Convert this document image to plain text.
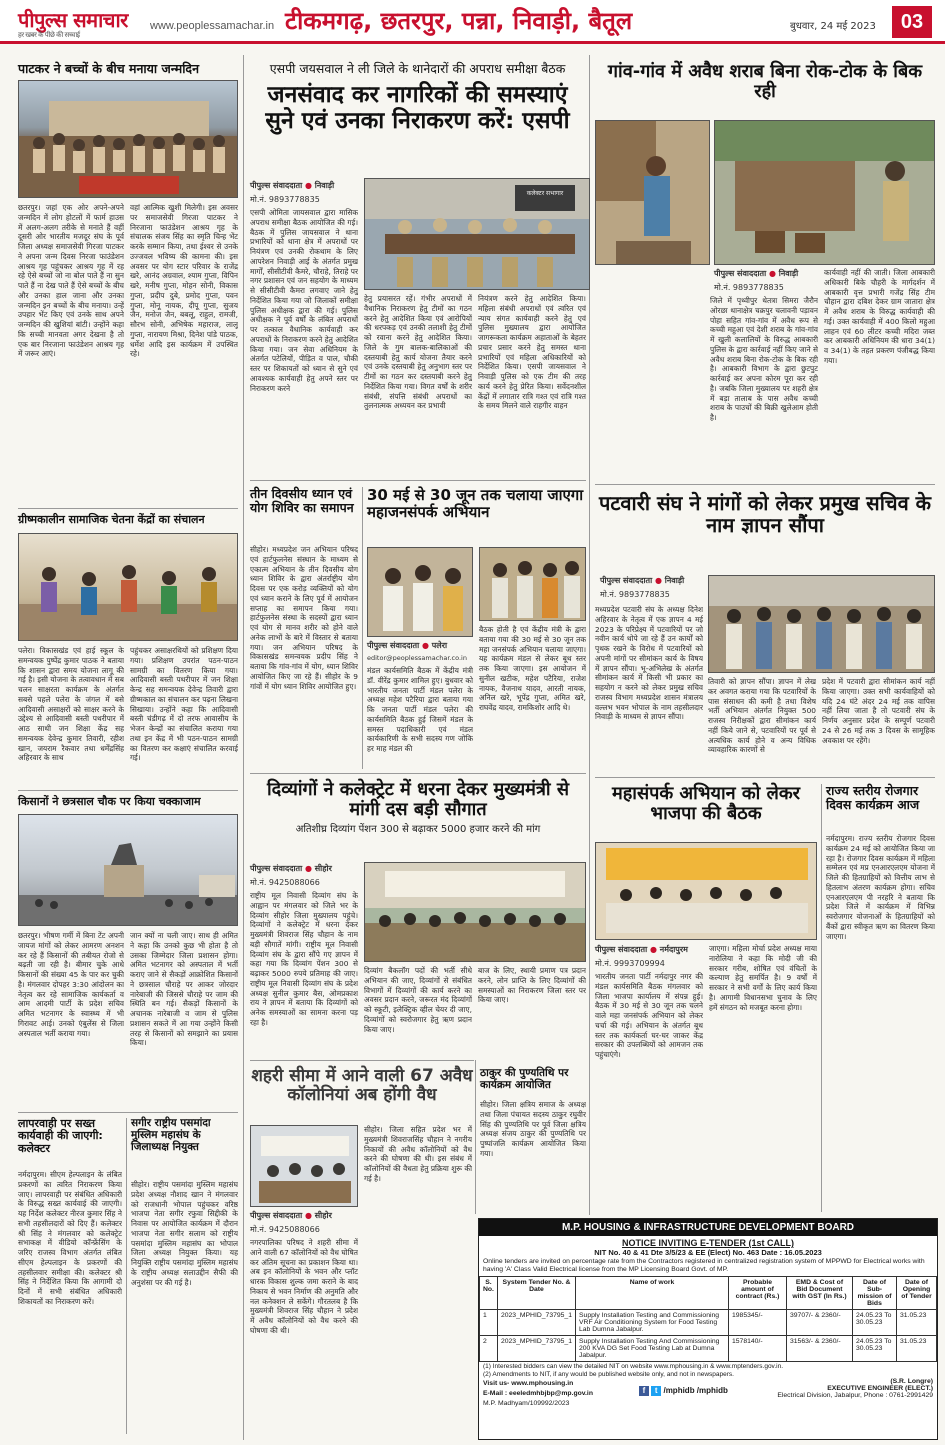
पीपुल्स समाचार
हर खबर के पीछे की सच्चाई
www.peoplessamachar.in टीकमगढ़, छतरपुर, पन्ना, निवाड़ी, बैतूल	बुधवार, 24 मई 2023	03
पाटकर ने बच्चों के बीच मनाया जन्मदिन
छतरपुर। जहां एक ओर अपने-अपने जन्मदिन में लोग होटलों में फार्म हाउस में अलग-अलग तरीके से मनाते हैं वहीं दूसरी ओर भारतीय मजदूर संघ के पूर्व जिला अध्यक्ष समाजसेवी गिरजा पाटकर ने अपना जन्म दिवस निरजा फाउंडेशन आश्रय गृह पहुंचकर आश्रय गृह में रह रहे ऐसे बच्चों जो ना बोल पाते हैं ना सुन पाते हैं ना देख पाते हैं ऐसे बच्चों के बीच और उनका हाल जाना और उनका जन्मदिन इन बच्चों के बीच मनाया। उन्हें उपहार भेंट किए एवं उनके साथ अपने जन्मदिन की खुशियां बांटी। उन्होंने कहा कि सच्ची मानवता अगर देखना है तो एक बार निरजाना फाउंडेशन आश्रय गृह में जरूर आएं।
वहां आत्मिक खुशी मिलेगी। इस अवसर पर समाजसेवी गिरजा पाटकर ने निरजाना फाउंडेशन आश्रय गृह के संचालक संजय सिंह का स्मृति चिन्ह भेंट करके सम्मान किया, तथा ईश्वर से उनके उज्जवल भविष्य की कामना की। इस अवसर पर योग स्टार परिवार के राजेंद्र खरे, आनंद अग्रवाल, श्याम गुप्ता, विपिन खरे, मनीष गुप्ता, मोहन सोनी, विकास गुप्ता, प्रदीप दुबे, प्रमोद गुप्ता, पवन गुप्ता, मोनू नायक, दीपू गुप्ता, सुजय जैन, मनोज जैन, बबलू, राहुल, रामजी, सौरभ सोनी, अभिषेक महाराज, लालू गुप्ता, नारायण मिश्रा, दिनेश पांडे पाठक, धर्मेश आदि इस कार्यक्रम में उपस्थित रहे।
ग्रीष्मकालीन सामाजिक चेतना केंद्रों का संचालन
पलेरा। विकासखंड एवं हाई स्कूल के समन्वयक पुष्पेंद्र कुमार पाठक ने बताया कि शासन द्वारा समय योजना लागू की गई है। इसी योजना के तत्वावधान में सब चलन साक्षरता कार्यक्रम के अंतर्गत सबसे पहले पलेरा के जंगल में बसे आदिवासी असाक्षरों को साक्षर करने के उद्देश्य से आदिवासी बस्ती पथरीपार में आठ साथी जन शिक्षा केंद्र सह समन्वयक देवेन्द्र कुमार तिवारी, रहीश खान, जयराम रैकवार तथा धर्मेंद्रसिंह अहिरवार के साथ
पहुंचकर असाक्षरथियों को प्रशिक्षण दिया गया। प्रशिक्षण उपरांत पठन-पाठन सामग्री का वितरण किया गया। आदिवासी बस्ती पथरीपार में जन शिक्षा केन्द्र सह समन्वयक देवेन्द्र तिवारी द्वारा ग्रीष्मकाल का संचालन कर पढ़ना लिखना सिखाया। उन्होंने कहा कि आदिवासी बस्ती चंडीगढ़ में दो तरफ आवासीय के भेजन केन्द्रों का संचालित कराया गया तथा इन केंद्र में भी पठन-पाठन सामग्री का वितरण कर कक्षाएं संचालित करवाई गई।
किसानों ने छत्रसाल चौक पर किया चक्काजाम
छतरपुर। भीषण गर्मी में बिना टेंट अपनी जायज मांगों को लेकर आमरण अनशन कर रहे हैं किसानों की तबीयत रोजो से बढ़ती जा रही है। बीमार चुके आधे किसानों की संख्या 45 के पार कर चुकी है। मंगलवार दोपहर 3:30 आंदोलन का नेतृत्व कर रहे सामाजिक कार्यकर्ता व आम आदमी पार्टी के प्रदेश सचिव अमित भटनागर के स्वास्थ्य में भी गिरावट आई। उनको एंबुलेंस से जिला अस्पताल भर्ती कराया गया।
जान क्यों ना चली जाए। साथ ही अमित ने कहा कि उनको कुछ भी होता है तो उसका जिम्मेदार जिला प्रशासन होगा। अमित भटनागर को अस्पताल में भर्ती कराए जाने से सैकड़ों आक्रोशित किसानों ने छत्रसाल चौराहे पर आकर जोरदार नारेबाजी की जिससे चौराहे पर जाम की स्थिति बन गई। सैकड़ों किसानों के अचानक नारेबाजी व जाम से पुलिस प्रशासन सकते में आ गया उन्होंने किसी तरह से किसानों को समझाने का प्रयास किया।
लापरवाही पर सख्त कार्यवाही की जाएगी: कलेक्टर
नर्मदापुरम। सीएम हेल्पलाइन के लंबित प्रकरणों का त्वरित निराकरण किया जाए। लापरवाही पर संबंधित अधिकारी के विरुद्ध सख्त कार्यवाई की जाएगी। यह निर्देश कलेक्टर नीरज कुमार सिंह ने सभी तहसीलदारों को दिए हैं। कलेक्टर श्री सिंह ने मंगलवार को कलेक्ट्रेट सभाकक्ष में वीडियो कॉन्फ्रेंसिंग के जरिए राजस्व विभाग अंतर्गत लंबित सीएम हेल्पलाइन के प्रकरणों की तहसीलवार समीक्षा की। कलेक्टर श्री सिंह ने निर्देशित किया कि आगामी दो दिनों में सभी संबंधित अधिकारी शिकायतों का निराकरण करें।
सगीर राष्ट्रीय पसमांदा मुस्लिम महासंघ के जिलाध्यक्ष नियुक्त
सीहोर। राष्ट्रीय पसमांदा मुस्लिम महासंघ प्रदेश अध्यक्ष नौशाद खान ने मंगलवार को राजधानी भोपाल पहुंचकर वरिष्ठ भाजपा नेता सगीर रफुवा सिद्दीकी के निवास पर आयोजित कार्यक्रम में दौरान भाजपा नेता सगीर सलाम को राष्ट्रीय पसमांदा मुस्लिम महासंघ का भोपाल जिला अध्यक्ष नियुक्त किया। यह नियुक्ति राष्ट्रीय पसमांदा मुस्लिम महासंघ के राष्ट्रीय अध्यक्ष सलाउद्दीन सैफी की अनुशंसा पर की गई है।
एसपी जयसवाल ने ली जिले के थानेदारों की अपराध समीक्षा बैठक
जनसंवाद कर नागरिकों की समस्याएं सुने एवं उनका निराकरण करें: एसपी
पीपुल्स संवाददाता ● निवाड़ी
मो.नं. 9893778835
एसपी ओमिता जायसवाल द्वारा मासिक अपराध समीक्षा बैठक आयोजित की गई। बैठक में पुलिस जायसवाल ने थाना प्रभारियों को थाना क्षेत्र में अपराधों पर नियंत्रण एवं उनकी रोकथाम के लिए आपरेशन निवाड़ी आई के अंतर्गत प्रमुख मार्गों, सीसीटीवी कैमरे, चौराहे, तिराहे पर नगर प्रशासन एवं जन सहयोग के माध्यम से सीसीटीवी कैमरा लगवाए जाने हेतु निर्देशित किया गया जो जिलाकों समीक्षा पुलिस अधीक्षक द्वारा की गई। पुलिस अधीक्षक ने पूर्व वर्षों के लंबित अपराधों पर तत्काल वैधानिक कार्यवाही कर अपराधों के निराकरण करने हेतु आदेशित किया गया। जन सेवा अधिनियम के अंतर्गत पटेलियों, पीड़ित व पाल, चौकी स्तर पर शिकायतों को ध्यान से सुने एवं आवश्यक कार्यवाही हेतु अपने स्तर पर निराकरण करने
कलेक्टर सभागार
हेतु प्रयासरत रहें। गंभीर अपराधों में वैधानिक निराकरण हेतु टीमों का गठन करने हेतु आदेशित किया एवं आरोपियों की धरपकड़ एवं उनकी तलाशी हेतु टीमों को रवाना करने हेतु आदेशित किया। जिले के गुम बालक-बालिकाओं की दस्तयाबी हेतु कार्य योजना तैयार करने एवं उनके दस्तयाबी हेतु अनुभाग स्तर पर टीमों का गठन कर दस्तयाबी करने हेतु निर्देशित किया गया। विगत वर्षों के शरीर संबंधी, संपत्ति संबंधी अपराधों का तुलनात्मक अध्ययन कर प्रभावी
नियंत्रण करने हेतु आदेशित किया। महिला संबंधी अपराधों एवं त्वरित एवं न्याय संगत कार्यवाही करने हेतु एवं पुलिस मुख्यालय द्वारा आयोजित जागरूकता कार्यक्रम अहाताओं के बेहतर प्रचार प्रसार करने हेतु समस्त थाना प्रभारियों एवं महिला अधिकारियों को निर्देशित किया। एसपी जायसवाल ने निवाड़ी पुलिस को एक टीम की तरह कार्य करने हेतु प्रेरित किया। सर्वेदनशील केंद्रों में लगातार रात्रि गश्त एवं रात्रि गश्त के समय मिलने वाले राहगीर वाहन
तीन दिवसीय ध्यान एवं योग शिविर का समापन
सीहोर। मध्यप्रदेश जन अभियान परिषद एवं हार्टफुलनेस संस्थान के माध्यम से एकात्म अभियान के तीन दिवसीय योग ध्यान शिविर के द्वारा अंतर्राष्ट्रीय योग दिवस पर एक करोड़ व्यक्तियों को योग एवं ध्यान कराने के लिए पूर्व में आयोजन सप्ताह का समापन किया गया। हार्टफुलनेस संस्था के सदस्यों द्वारा ध्यान एवं योग से मानव शरीर को होने वाले अनेक लाभों के बारे में विस्तार से बताया गया। जन अभियान परिषद के विकासखंड समन्वयक प्रदीप सिंह ने बताया कि गांव-गांव में योग, ध्यान शिविर आयोजित किए जा रहे हैं। सीहोर के 9 गांवों में योग ध्यान शिविर आयोजित हुए।
30 मई से 30 जून तक चलाया जाएगा महाजनसंपर्क अभियान
पीपुल्स संवाददाता ● पलेरा
editor@peoplessamachar.co.in
मंडल कार्यसमिति बैठक में केंद्रीय मंत्री डॉ. वीरेंद्र कुमार शामिल हुए। बुधवार को भारतीय जनता पार्टी मंडल पलेरा के अध्यक्ष महेश पटैरिया द्वारा बताया गया कि जनता पार्टी मंडल पलेरा की कार्यसमिति बैठक हुई जिसमें मंडल के समस्त पदाधिकारी एवं मंडल कार्यकारिणी के सभी सदस्य गण जोकि हर माह मंडल की
बैठक होती है एवं केंद्रीय मंत्री के द्वारा बताया गया की 30 मई से 30 जून तक महा जनसंपर्क अभियान चलाया जाएगा। यह कार्यक्रम मंडल से लेकर बूथ स्तर तक किया जाएगा। इस आयोजन में सुनील खटीक, महेश पटैरिया, राजेश नायक, वैजनाथ यादव, आरती नायक, अनिल खरे, भूपेंद्र गुप्ता, अमित खरे, राघवेंद्र यादव, रामकिशोर आदि थे।
दिव्यांगों ने कलेक्ट्रेट में धरना देकर मुख्यमंत्री से मांगी दस बड़ी सौगात
अतिशीघ्र दिव्यांग पेंशन 300 से बढ़ाकर 5000 हजार करने की मांग
पीपुल्स संवाददाता ● सीहोर
मो.नं. 9425088066
राष्ट्रीय मूल निवासी दिव्यांग संघ के आह्वान पर मंगलवार को जिले भर के दिव्यांग सीहोर जिला मुख्यालय पहुंचे। दिव्यांगों ने कलेक्ट्रेट में धरना देकर मुख्यमंत्री शिवराज सिंह चौहान के नाम बड़ी सौगातें मांगी। राष्ट्रीय मूल निवासी दिव्यांग संघ के द्वारा सौंपे गए ज्ञापन में कहा गया कि दिव्यांग पेंशन 300 से बढ़ाकर 5000 रुपये प्रतिमाह की जाए। राष्ट्रीय मूल निवासी दिव्यांग संघ के प्रदेश अध्यक्ष सुनील कुमार बैस, ओमप्रकाश राय ने ज्ञापन में बताया कि दिव्यांगों को अनेक समस्याओं का सामना करना पड़ रहा है।
दिव्यांग बैकलॉग पदों की भर्ती सीधे अभियान की जाए, दिव्यांगों से संबंधित विभागों में दिव्यांगों की कार्य करने का अवसर प्रदान करने, जरूरत मंद दिव्यांगों को स्कूटी, इलेक्ट्रिक व्हील चेयर दी जाए, दिव्यांगों को स्वरोजगार हेतु ऋण प्रदान किया जाए।
बाज के लिए, स्थायी प्रमाण पत्र प्रदान करने, लोन प्राप्ति के लिए दिव्यांगों की समस्याओं का निराकरण जिला स्तर पर किया जाए।
शहरी सीमा में आने वाली 67 अवैध कॉलोनियां अब होंगी वैध
पीपुल्स संवाददाता ● सीहोर
मो.नं. 9425088066
नगरपालिका परिषद ने शहरी सीमा में आने वाली 67 कॉलोनियों को वैध घोषित कर अंतिम सूचना का प्रकाशन किया था। अब इन कॉलोनियों के भवन और प्लॉट धारक विकास शुल्क जमा कराने के बाद निकाय से भवन निर्माण की अनुमति और नल कनेक्शन ले सकेंगे। गौरतलब है कि मुख्यमंत्री शिवराज सिंह चौहान ने प्रदेश में अवैध कॉलोनियों को वैध करने की घोषणा की थी।
सीहोर। जिला सहित प्रदेश भर में मुख्यमंत्री शिवराजसिंह चौहान ने नगरीय निकायों की अवैध कॉलोनियों को वैध करने की घोषणा की थी। इस संबंध में कॉलोनियों की वैधता हेतु प्रक्रिया शुरू की गई है।
ठाकुर की पुण्यतिथि पर कार्यक्रम आयोजित
सीहोर। जिला क्षत्रिय समाज के अध्यक्ष तथा जिला पंचायत सदस्य ठाकुर रघुवीर सिंह की पुण्यतिथि पर पूर्व जिला क्षत्रिय अध्यक्ष संजय ठाकुर की पुण्यतिथि पर पुष्पांजलि कार्यक्रम आयोजित किया गया।
गांव-गांव में अवैध शराब बिना रोक-टोक के बिक रही
पीपुल्स संवाददाता ● निवाड़ी
मो.नं. 9893778835
जिले में पृथ्वीपुर थेतत्रा सिमरा जैरौन ओरछा थानाक्षेत्र चक्रपुर चलावनी पड़ावन पोहा सहित गांव-गांव में अवैध रूप से कच्ची महुआ एवं देशी शराब के गांव-गांव में खुली कलालियों के विरुद्ध आबकारी पुलिस के द्वारा कार्रवाई नहीं किए जाने से अवैध शराब बिना रोक-टोक के बिक रही है। आबकारी विभाग के द्वारा छुटपुट कार्रवाई कर अपना कोरम पूरा कर रही है। जबकि जिला मुख्यालय पर शहरी क्षेत्र में बड़ा तालाब के पास अवैध कच्ची शराब के पाउचों की बिक्री खुलेआम होती है।
कार्यवाही नहीं की जाती। जिला आबकारी अधिकारी बिके चौहरी के मार्गदर्शन में आबकारी वृत्त प्रभारी गजेंद्र सिंह टीम चौहान द्वारा दबिश देकर ग्राम जातारा क्षेत्र में अवैध शराब के विरुद्ध कार्यवाही की गई। उक्त कार्यवाही में 400 किलो महुआ लाहन एवं 60 लीटर कच्ची मदिरा जब्त कर आबकारी अधिनियम की धारा 34(1) व 34(1) के तहत प्रकरण पंजीबद्ध किया गया।
पटवारी संघ ने मांगों को लेकर प्रमुख सचिव के नाम ज्ञापन सौंपा
पीपुल्स संवाददाता ● निवाड़ी
मो.नं. 9893778835
मध्यप्रदेश पटवारी संघ के अध्यक्ष दिनेश अहिरवार के नेतृत्व में एक ज्ञापन 4 मई 2023 के परिप्रेक्ष्य में पटवारियों पर जो नवीन कार्य थोपे जा रहे हैं उन कार्यों को पृथक रखने के विरोध में पटवारियों को अपनी मांगों पर सीमांकन कार्य के विषय में ज्ञापन सौंपा। भू-अभिलेख के अंतर्गत सीमांकन कार्य में किसी भी प्रकार का सहयोग न करने को लेकर प्रमुख सचिव राजस्व विभाग मध्यप्रदेश शासन मंत्रालय वल्लभ भवन भोपाल के नाम तहसीलदार निवाड़ी के माध्यम से ज्ञापन सौंपा।
तिवारी को ज्ञापन सौंपा। ज्ञापन में लेख कर अवगत कराया गया कि पटवारियों के पास संसाधन की कमी है तथा विशेष भर्ती अभियान अंतर्गत नियुक्त 500 राजस्व निरीक्षकों द्वारा सीमांकन कार्य नहीं किये जाने से, पटवारियों पर पूर्व से अत्यधिक कार्य होने व अन्य विधिक व्यावहारिक कारणों से
प्रदेश में पटवारी द्वारा सीमांकन कार्य नहीं किया जाएगा। उक्त सभी कार्यवाहियों को यदि 24 घंटे अंदर 24 मई तक वापिस नहीं लिया जाता है तो पटवारी संघ के निर्णय अनुसार प्रदेश के सम्पूर्ण पटवारी 24 से 26 मई तक 3 दिवस के सामूहिक अवकाश पर रहेंगे।
महासंपर्क अभियान को लेकर भाजपा की बैठक
पीपुल्स संवाददाता ● नर्मदापुरम
मो.नं. 9993709994
भारतीय जनता पार्टी नर्मदापुर नगर की मंडल कार्यसमिति बैठक मंगलवार को जिला भाजपा कार्यालय में संपन्न हुई। बैठक में 30 मई से 30 जून तक चलने वाले महा जनसंपर्क अभियान को लेकर चर्चा की गई। अभियान के अंतर्गत बूथ स्तर तक कार्यकर्ता घर-घर जाकर केंद्र सरकार की उपलब्धियों को आमजन तक पहुंचाएंगे।
जाएगा। महिला मोर्चा प्रदेश अध्यक्ष माया नारोलिया ने कहा कि मोदी जी की सरकार गरीब, शोषित एवं वंचितों के कल्याण हेतु समर्पित है। 9 वर्षों में सरकार ने सभी वर्गों के लिए कार्य किया है। आगामी विधानसभा चुनाव के लिए हमें संगठन को मजबूत करना होगा।
राज्य स्तरीय रोजगार दिवस कार्यक्रम आज
नर्मदापुरम। राज्य स्तरीय रोजगार दिवस कार्यक्रम 24 मई को आयोजित किया जा रहा है। रोजगार दिवस कार्यक्रम में महिला सम्मेलन एवं मप्र एनआरएलएम योजना में जिले की हितग्राहियों को वित्तीय लाभ से हितलाभ अंतरण कार्यक्रम होगा। सचिव एनआरएलएम पी नरहरि ने बताया कि प्रदेश जिले में कार्यक्रम में विभिन्न स्वरोजगार योजनाओं के हितग्राहियों को बैंकों द्वारा स्वीकृत ऋण का वितरण किया जाएगा।
M.P. HOUSING & INFRASTRUCTURE DEVELOPMENT BOARD
NOTICE INVITING E-TENDER (1st CALL)
NIT No. 40 & 41 Dte 3/5/23 & EE (Elect) No. 463 Date : 16.05.2023
Online tenders are invited on percentage rate from the Contractors registered in centralized registration system of MPPWD for Electrical works with having 'A' Class Valid Electrical license from the MP Licensing Board Govt. of MP.
S. No.	System Tender No. & Date	Name of work	Probable amount of contract (Rs.)	EMD & Cost of Bid Document with GST (In Rs.)	Date of Sub-mission of Bids	Date of Opening of Tender
1	2023_MPHID_73795_1	Supply Installation Testing and Commissioning VRF Air Conditioning System for Food Testing Lab Dumna Jabalpur.	1985345/-	39707/- & 2360/-	24.05.23 To 30.05.23	31.05.23
2	2023_MPHID_73795_1	Supply Installation Testing And Commissioning 200 KVA DG Set Food Testing Lab at Dumna Jabalpur.	1578140/-	31563/- & 2360/-	24.05.23 To 30.05.23	31.05.23
(1) Interested bidders can view the detailed NIT on website www.mphousing.in & www.mptenders.gov.in.
(2) Amendments to NIT, if any would be published website only, and not in newspapers.
Visit us- www.mphousing.in
E-Mail : eeeledmhbjbp@mp.gov.in
M.P. Madhyam/109992/2023
f t /mphidb /mphidb
(S.R. Longre)
EXECUTIVE ENGINEER (ELECT.)
Electrical Division, Jabalpur, Phone : 0761-2991429
